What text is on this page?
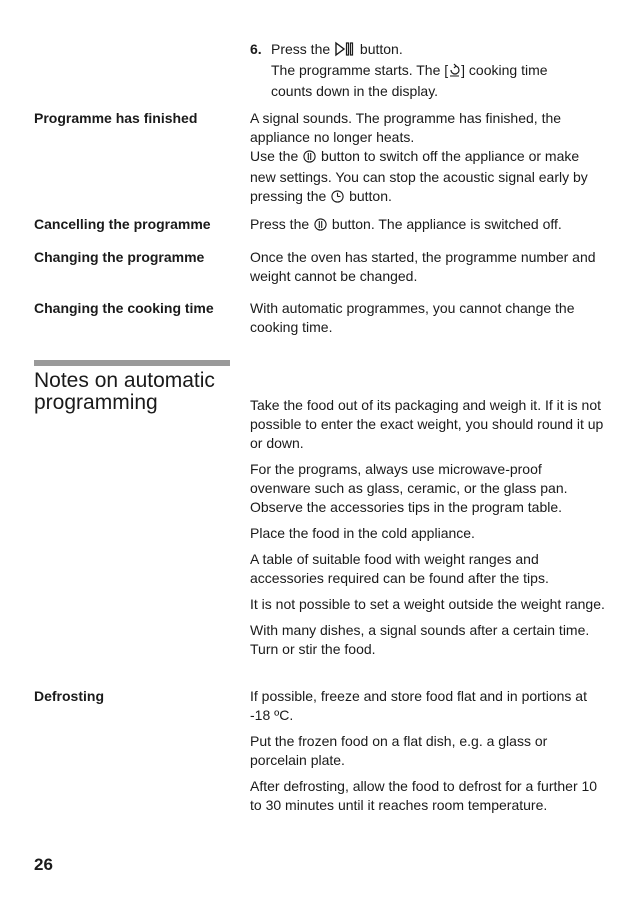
6. Press the button.
The programme starts. The [ ] cooking time
counts down in the display.
Programme has finished	A signal sounds. The programme has finished, the appliance no longer heats.
Use the button to switch off the appliance or make new settings. You can stop the acoustic signal early by pressing the button.
Cancelling the programme	Press the button. The appliance is switched off.
Changing the programme	Once the oven has started, the programme number and weight cannot be changed.
Changing the cooking time	With automatic programmes, you cannot change the cooking time.
Notes on automatic
programming	Take the food out of its packaging and weigh it. If it is not possible to enter the exact weight, you should round it up or down.

For the programs, always use microwave-proof ovenware such as glass, ceramic, or the glass pan. Observe the accessories tips in the program table.

Place the food in the cold appliance.

A table of suitable food with weight ranges and accessories required can be found after the tips.

It is not possible to set a weight outside the weight range.

With many dishes, a signal sounds after a certain time. Turn or stir the food.

Defrosting	If possible, freeze and store food flat and in portions at -18 ºC.

Put the frozen food on a flat dish, e.g. a glass or porcelain plate.

After defrosting, allow the food to defrost for a further 10 to 30 minutes until it reaches room temperature.

26
